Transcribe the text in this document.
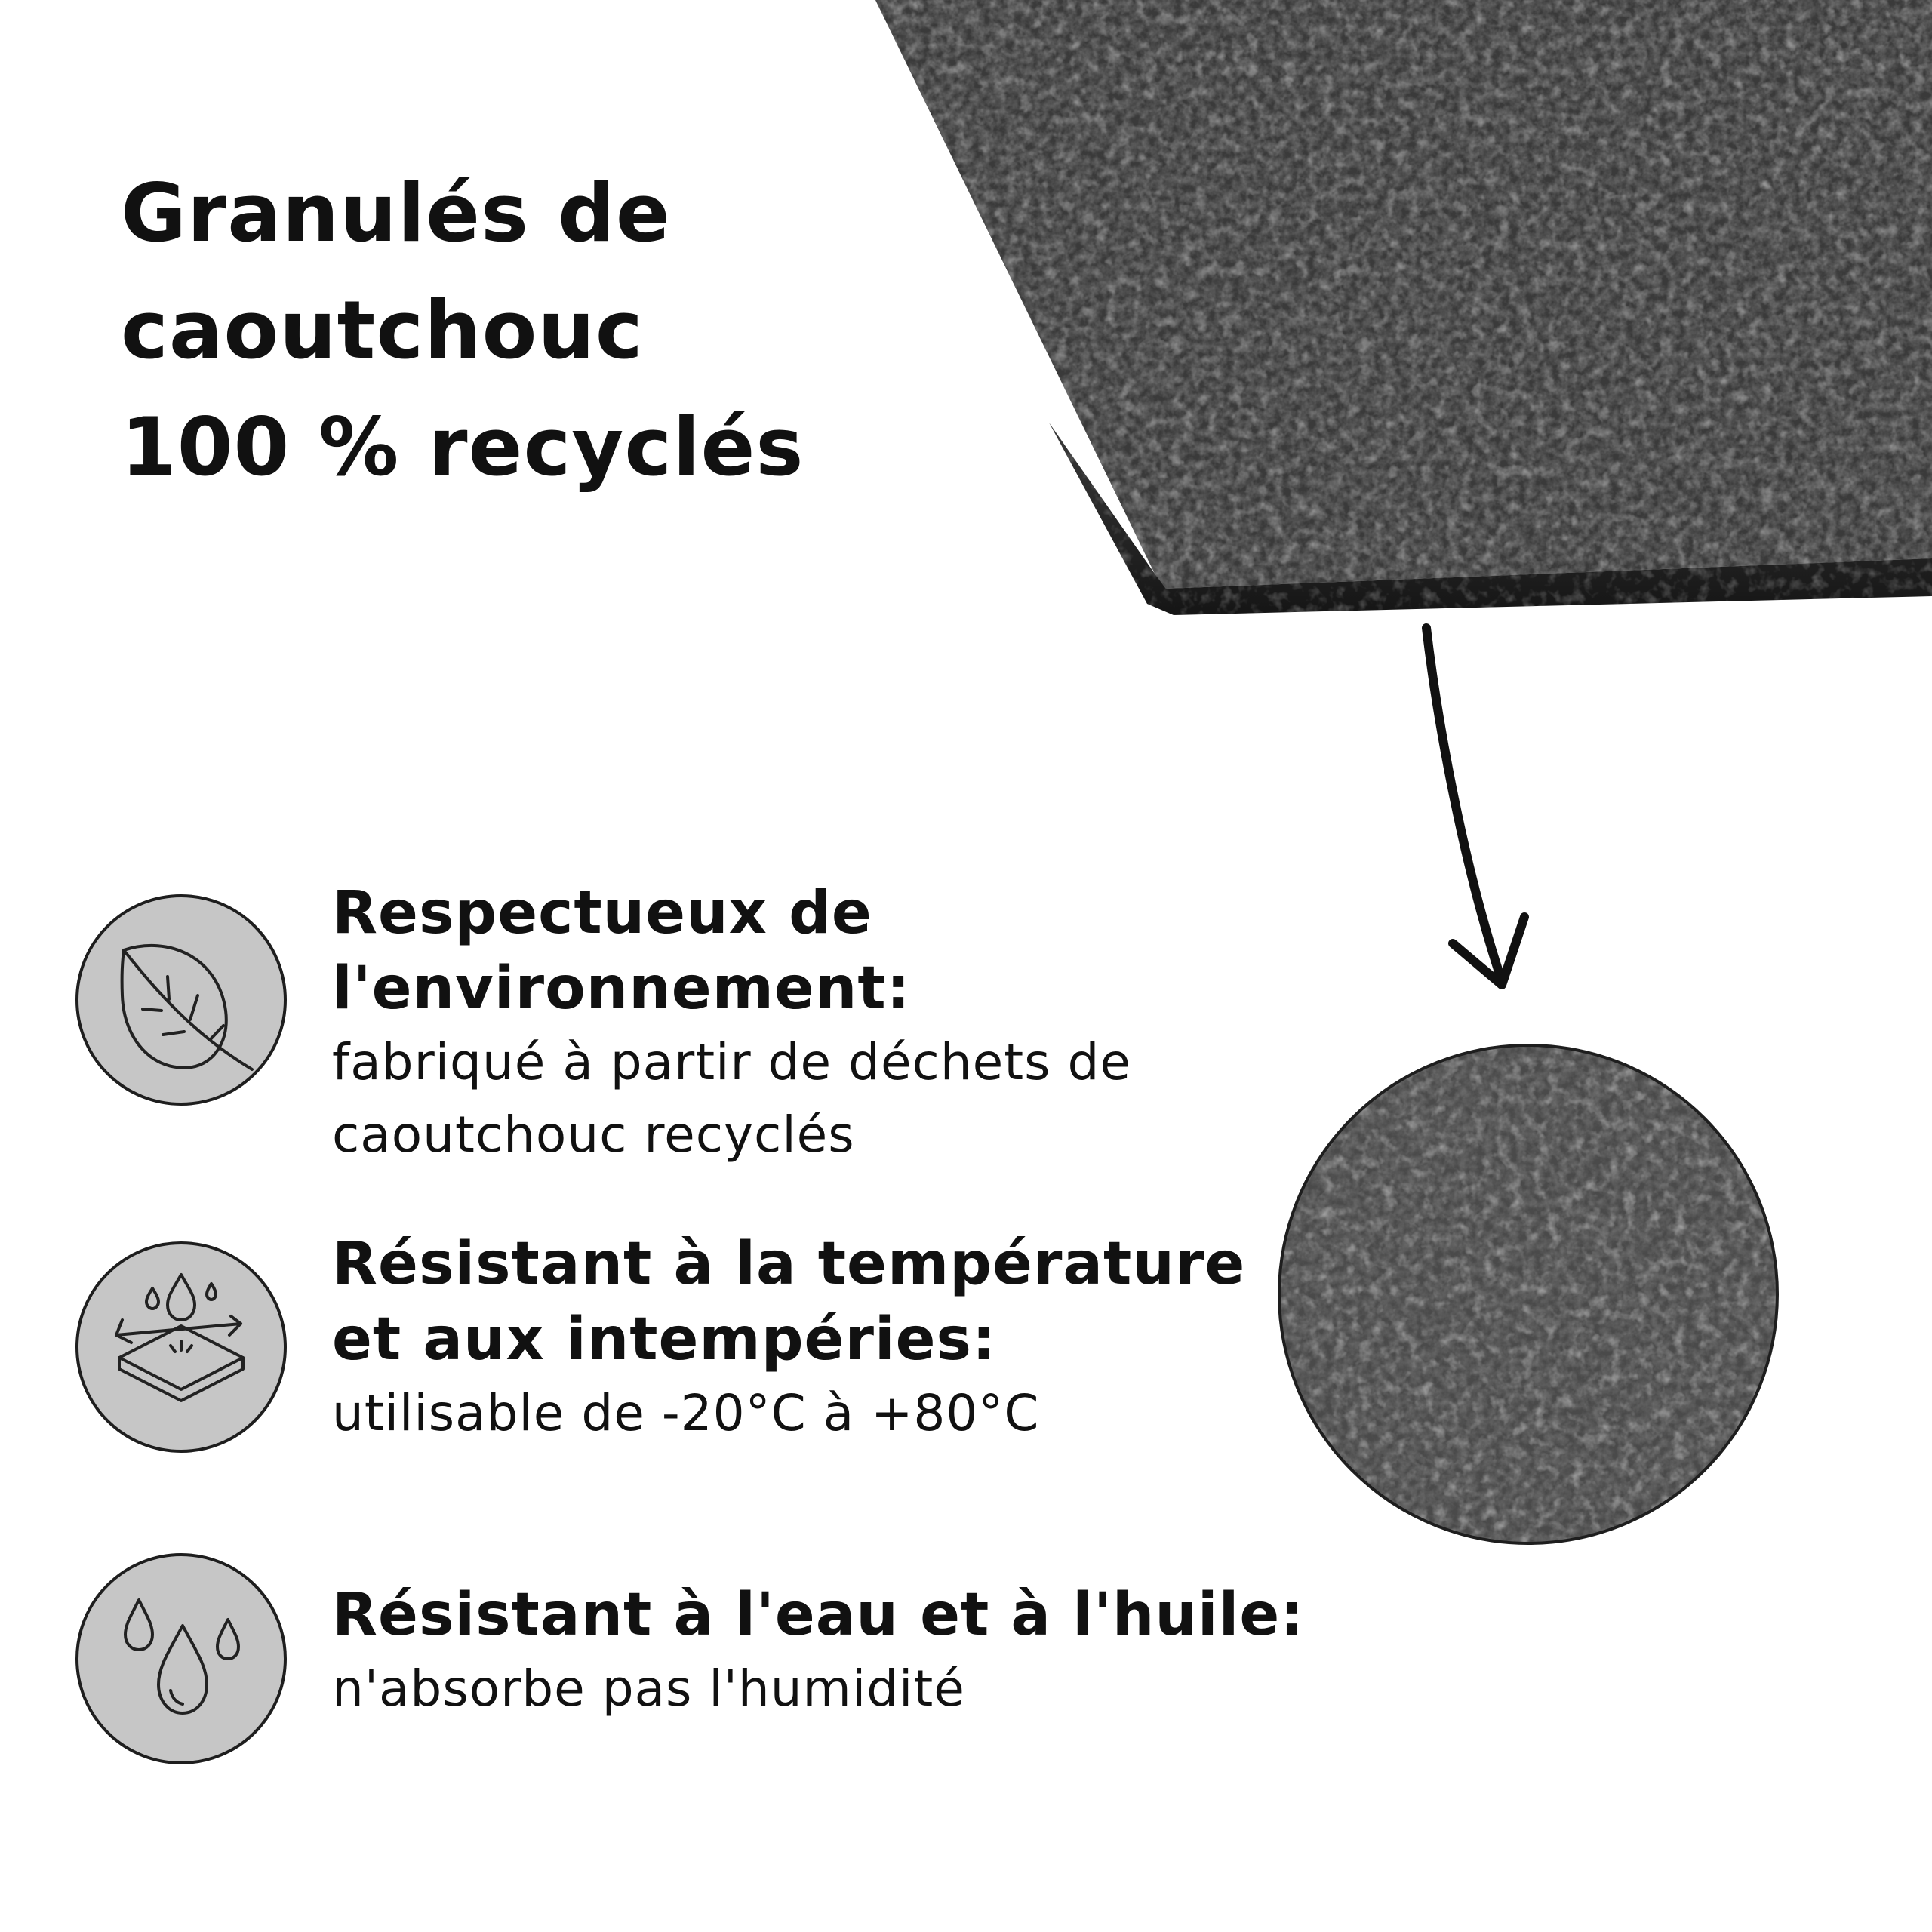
Granulés de
caoutchouc
100 % recyclés
Respectueux de
l'environnement:
fabriqué à partir de déchets de
caoutchouc recyclés
Résistant à la température
et aux intempéries:
utilisable de -20°C à +80°C
Résistant à l'eau et à l'huile:
n'absorbe pas l'humidité
